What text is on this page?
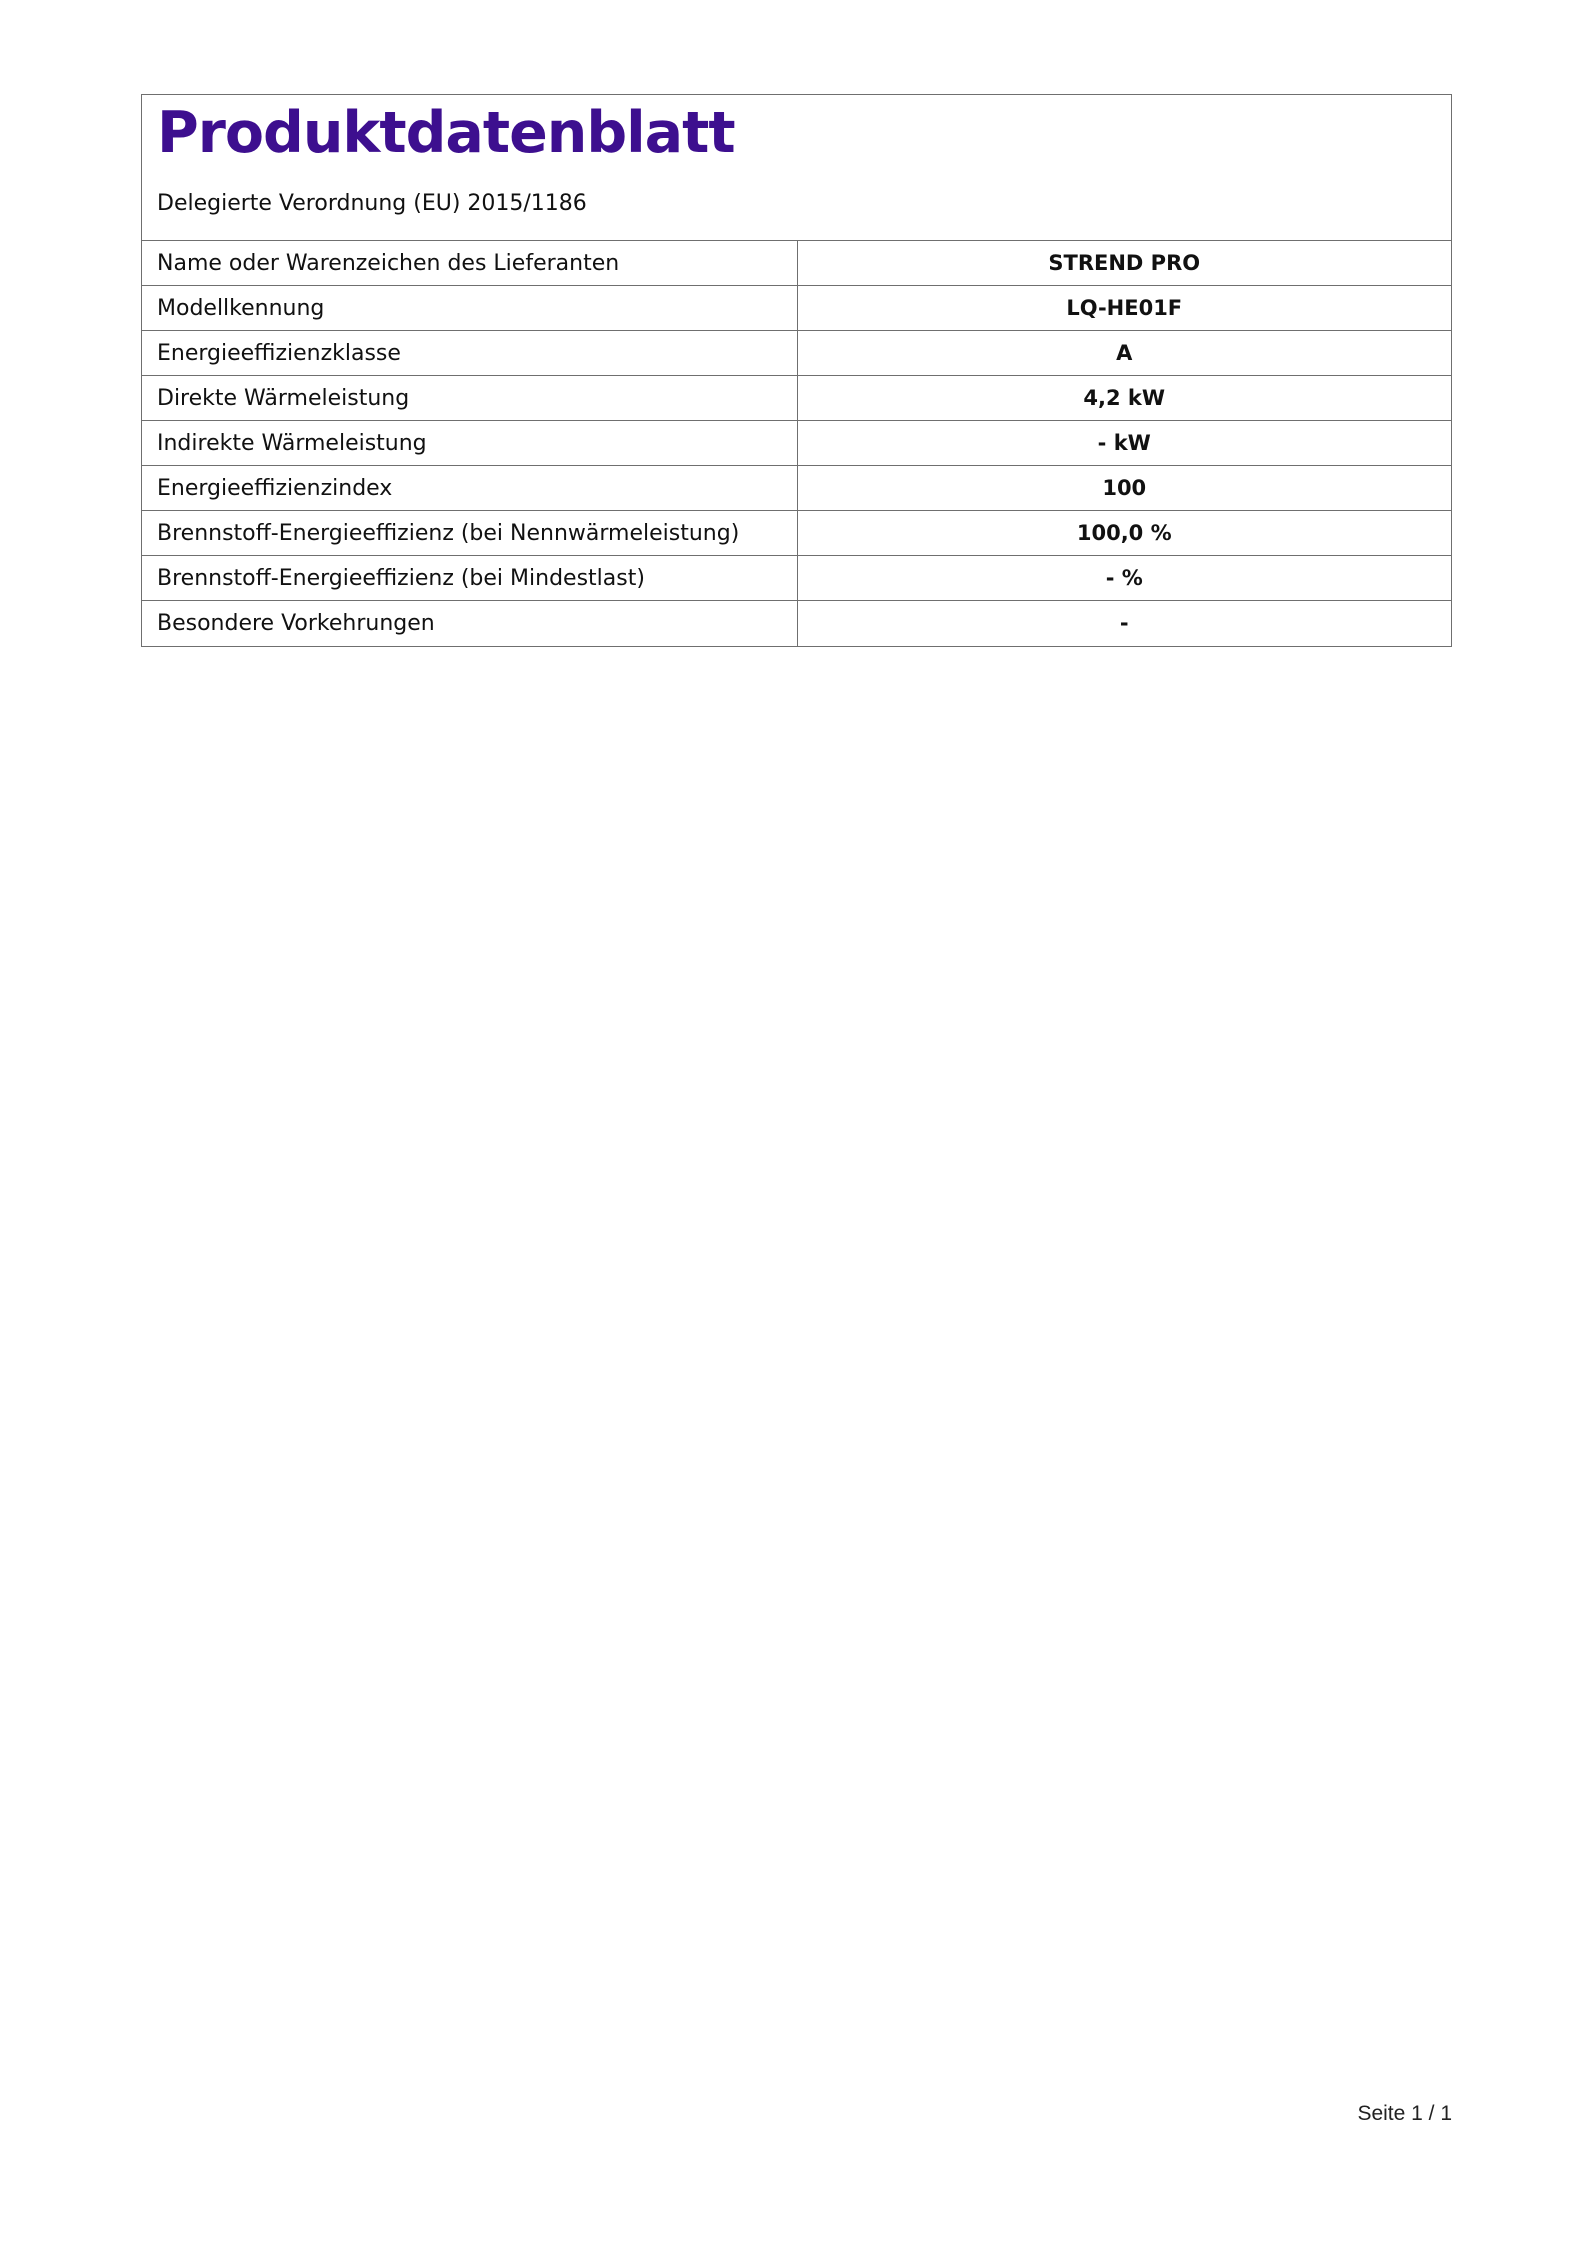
Produktdatenblatt

Delegierte Verordnung (EU) 2015/1186

Name oder Warenzeichen des Lieferanten	STREND PRO
Modellkennung	LQ-HE01F
Energieeffizienzklasse	A
Direkte Wärmeleistung	4,2 kW
Indirekte Wärmeleistung	- kW
Energieeffizienzindex	100
Brennstoff-Energieeffizienz (bei Nennwärmeleistung)	100,0 %
Brennstoff-Energieeffizienz (bei Mindestlast)	- %
Besondere Vorkehrungen	-
Seite 1 / 1
